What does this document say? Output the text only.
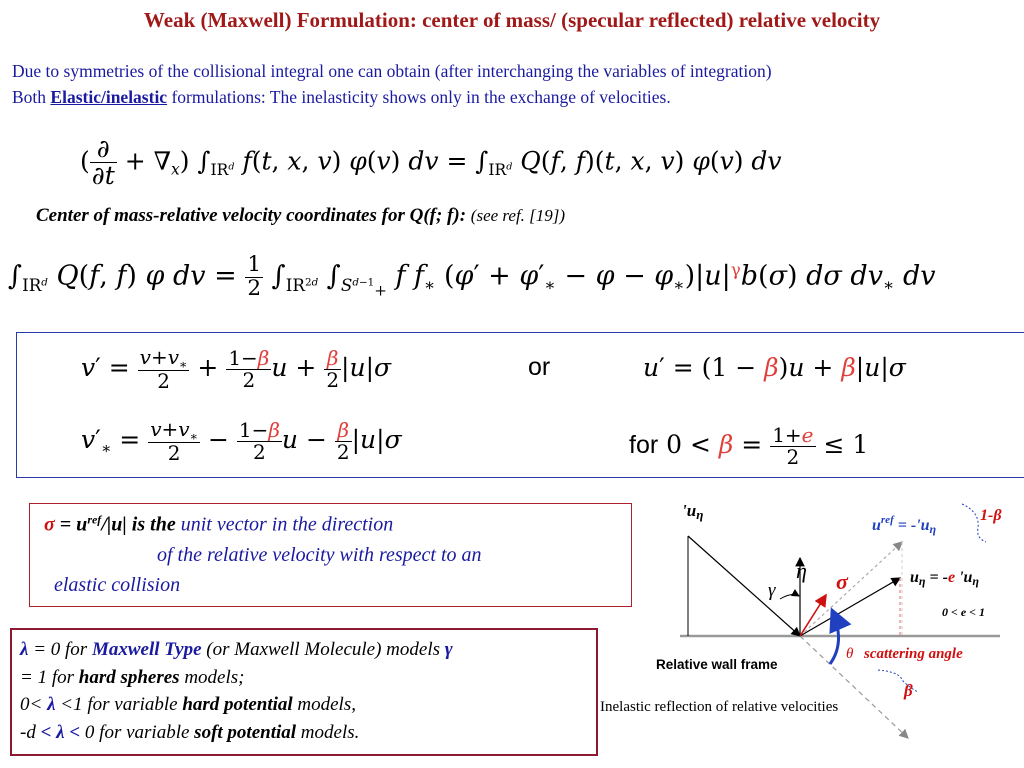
Weak (Maxwell) Formulation: center of mass/ (specular reflected) relative velocity
Due to symmetries of the collisional integral one can obtain (after interchanging the variables of integration)
Both Elastic/inelastic formulations: The inelasticity shows only in the exchange of velocities.
( $\frac{\partial}{\partial t} + \nabla_x$) $\int_{IR^d}$ f(t, x, v) φ(v) dv = $\int_{IR^d}$ Q(f, f)(t, x, v) φ(v) dv
Center of mass-relative velocity coordinates for Q(f; f): (see ref. [19])
$\int_{IR^d}$ Q(f, f) φ dv = $\frac{1}{2} \int_{IR^{2d}}$ $\int_{S^{d-1}_+}$ f $f_∗$ $(\varphi' + \varphi'_∗ - \varphi - \varphi_∗)|u|^\gamma b(\sigma)$ dσ $dv_∗$ dv
$v' = \frac{v+v_∗}{2} + \frac{1-\beta}{2}$ $u + \frac{\beta}{2} |u|\sigma$	or	u′ = (1 − β)u + β|u|σ
$v'_∗ = \frac{v+v_∗}{2} - \frac{1-\beta}{2}$ $u - \frac{\beta}{2} |u|\sigma$	for $0 < \beta = \frac{1+e}{2} \le 1$
$\sigma = u^{ref}/|u|$ is the unit vector in the direction
of the relative velocity with respect to an
elastic collision
λ = 0 for Maxwell Type (or Maxwell Molecule) models γ
= 1 for hard spheres models;
0< λ <1 for variable hard potential models,
-d < λ < 0 for variable soft potential models.
'uη
η
γ	σ
$u^{ref} = -'u\eta$
uη = -e 'uη
1-β
0 < e < 1
θ scattering angle
β
Relative wall frame
Inelastic reflection of relative velocities
